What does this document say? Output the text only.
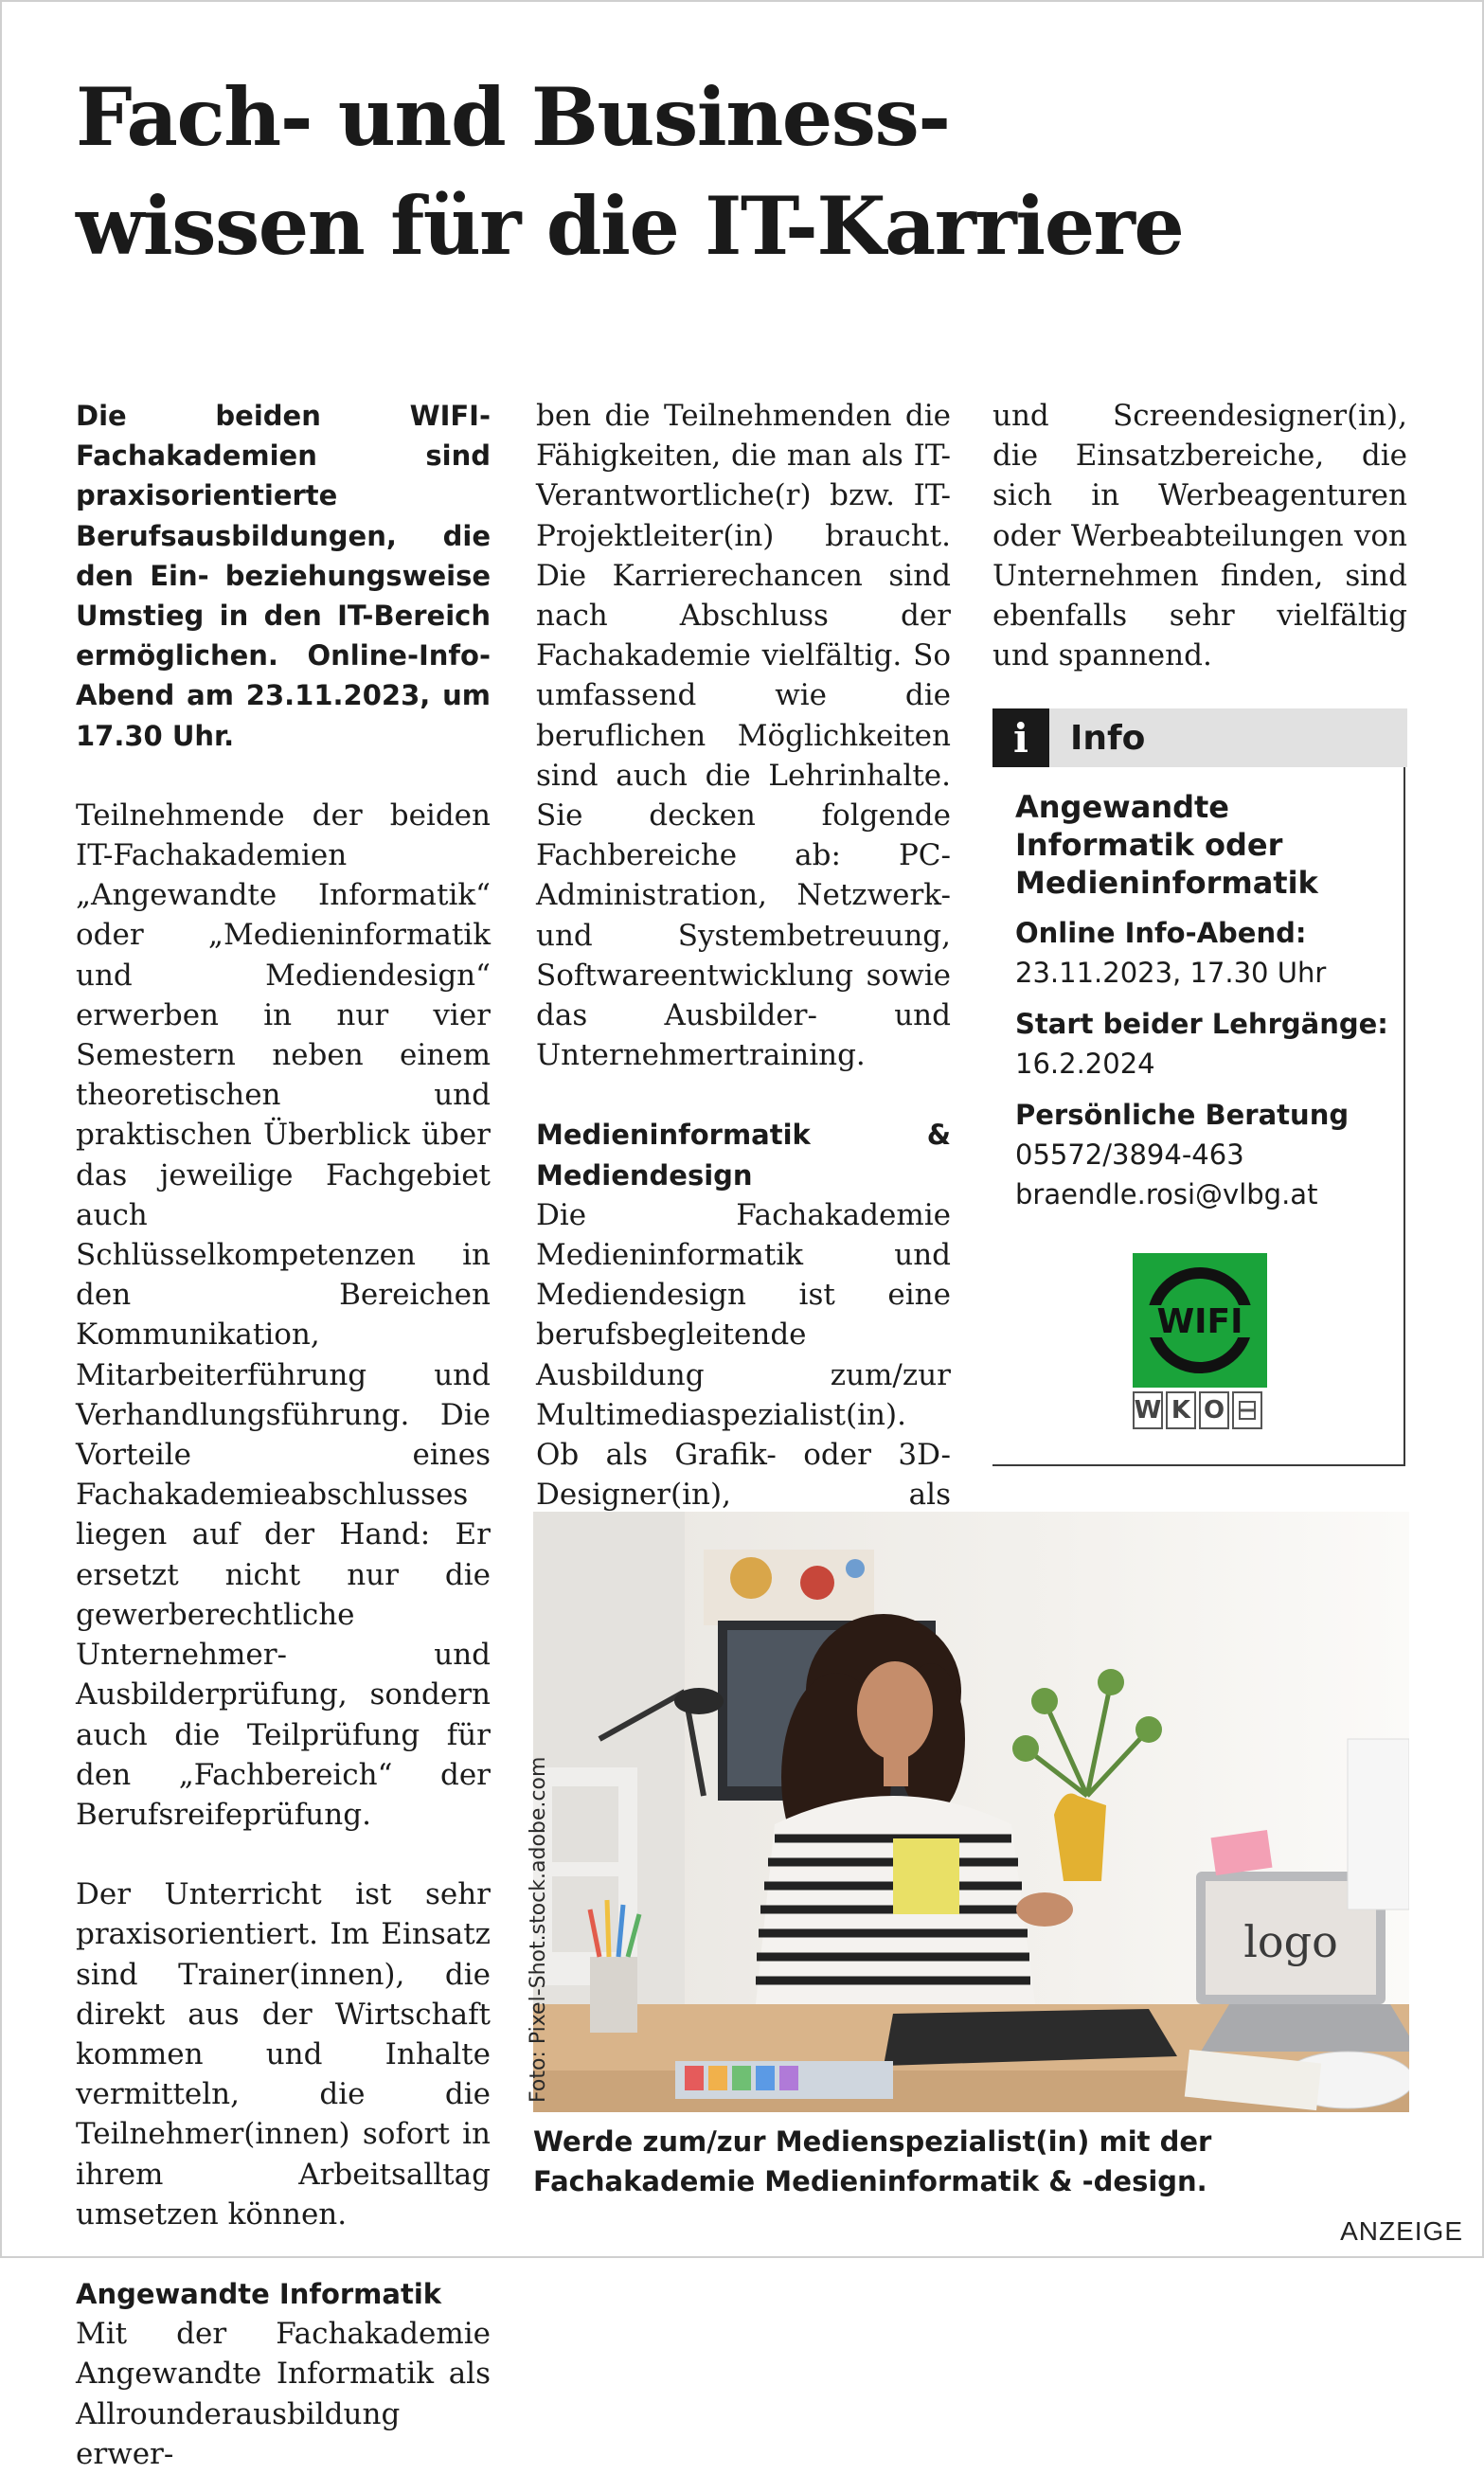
Fach- und Business-
wissen für die IT-Karriere

Die beiden WIFI-Fachakademien sind praxisorientierte Berufsausbildungen, die den Ein- beziehungsweise Umstieg in den IT-Bereich ermöglichen. Online-Info-Abend am 23.11.2023, um 17.30 Uhr.

Teilnehmende der beiden IT-Fachakademien „Angewandte Informatik“ oder „Medieninformatik und Mediendesign“ erwerben in nur vier Semestern neben einem theoretischen und praktischen Überblick über das jeweilige Fachgebiet auch Schlüsselkompetenzen in den Bereichen Kommunikation, Mitarbeiterführung und Verhandlungsführung. Die Vorteile eines Fachakademieabschlusses liegen auf der Hand: Er ersetzt nicht nur die gewerberechtliche Unternehmer- und Ausbilderprüfung, sondern auch die Teilprüfung für den „Fachbereich“ der Berufsreifeprüfung.

Der Unterricht ist sehr praxisorientiert. Im Einsatz sind Trainer(innen), die direkt aus der Wirtschaft kommen und Inhalte vermitteln, die die Teilnehmer(innen) sofort in ihrem Arbeitsalltag umsetzen können.

Angewandte Informatik

Mit der Fachakademie Angewandte Informatik als Allrounderausbildung erwer-

ben die Teilnehmenden die Fähigkeiten, die man als IT-Verantwortliche(r) bzw. IT-Projektleiter(in) braucht. Die Karrierechancen sind nach Abschluss der Fachakademie vielfältig. So umfassend wie die beruflichen Möglichkeiten sind auch die Lehrinhalte. Sie decken folgende Fachbereiche ab: PC-Administration, Netzwerk- und Systembetreuung, Softwareentwicklung sowie das Ausbilder- und Unternehmertraining.

Medieninformatik & Mediendesign

Die Fachakademie Medieninformatik und Mediendesign ist eine berufsbegleitende Ausbildung zum/zur Multimediaspezialist(in). Ob als Grafik- oder 3D-Designer(in), als

und Screendesigner(in), die Einsatzbereiche, die sich in Werbeagenturen oder Werbeabteilungen von Unternehmen finden, sind ebenfalls sehr vielfältig und spannend.

i	Info

Angewandte Informatik oder Medieninformatik

Online Info-Abend:

23.11.2023, 17.30 Uhr

Start beider Lehrgänge:

16.2.2024

Persönliche Beratung

05572/3894-463

braendle.rosi@vlbg.at

WIFI
W K O
logo
Foto: Pixel-Shot.stock.adobe.com

Werde zum/zur Medienspezialist(in) mit der Fachakademie Medieninformatik & -design.

ANZEIGE
